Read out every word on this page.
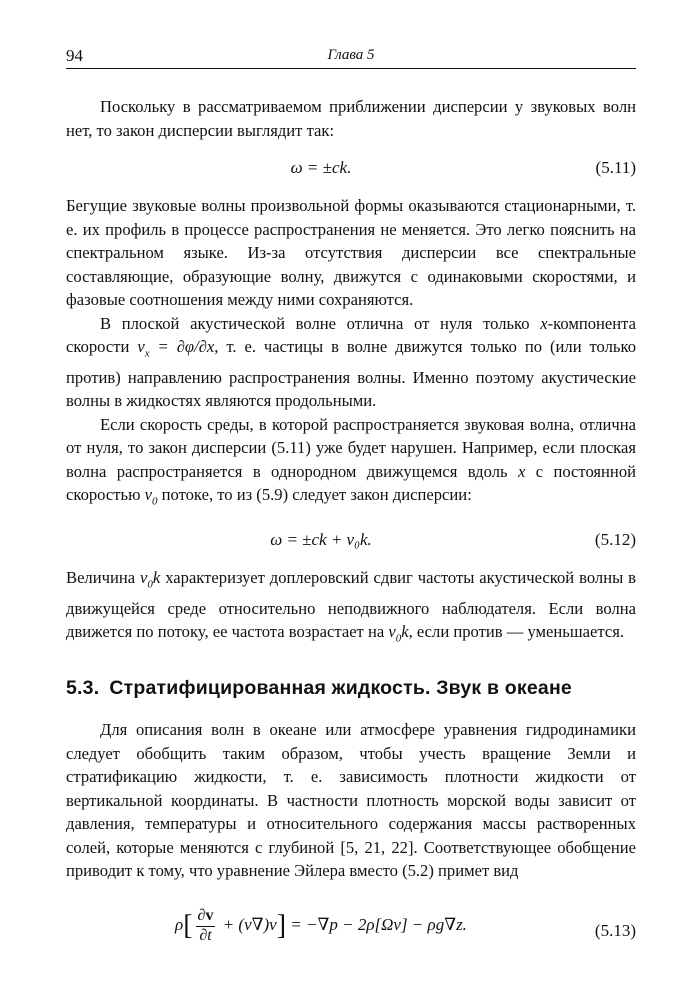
94	Глава 5

Поскольку в рассматриваемом приближении дисперсии у звуковых волн нет, то закон дисперсии выглядит так:

ω = ±ck.	(5.11)

Бегущие звуковые волны произвольной формы оказываются стационарными, т. е. их профиль в процессе распространения не меняется. Это легко пояснить на спектральном языке. Из-за отсутствия дисперсии все спектральные составляющие, образующие волну, движутся с одинаковыми скоростями, и фазовые соотношения между ними сохраняются.

В плоской акустической волне отлична от нуля только x-компонента скорости $v_x = \partial\varphi/\partial x$, т. е. частицы в волне движутся только по (или только против) направлению распространения волны. Именно поэтому акустические волны в жидкостях являются продольными.

Если скорость среды, в которой распространяется звуковая волна, отлична от нуля, то закон дисперсии (5.11) уже будет нарушен. Например, если плоская волна распространяется в однородном движущемся вдоль x с постоянной скоростью $v_0$ потоке, то из (5.9) следует закон дисперсии:

ω = ±ck + v₀k.	(5.12)

Величина $v_0k$ характеризует доплеровский сдвиг частоты акустической волны в движущейся среде относительно неподвижного наблюдателя. Если волна движется по потоку, ее частота возрастает на $v_0k$, если против — уменьшается.

5.3. Стратифицированная жидкость. Звук в океане

Для описания волн в океане или атмосфере уравнения гидродинамики следует обобщить таким образом, чтобы учесть вращение Земли и стратификацию жидкости, т. е. зависимость плотности жидкости от вертикальной координаты. В частности плотность морской воды зависит от давления, температуры и относительного содержания массы растворенных солей, которые меняются с глубиной [5, 21, 22]. Соответствующее обобщение приводит к тому, что уравнение Эйлера вместо (5.2) примет вид

$\rho[ \frac{\partial v}{\partial t} + (v\nabla)v] = -\nabla p - 2\rho[\Omega v] - \rho g\nabla z$.	(5.13)
